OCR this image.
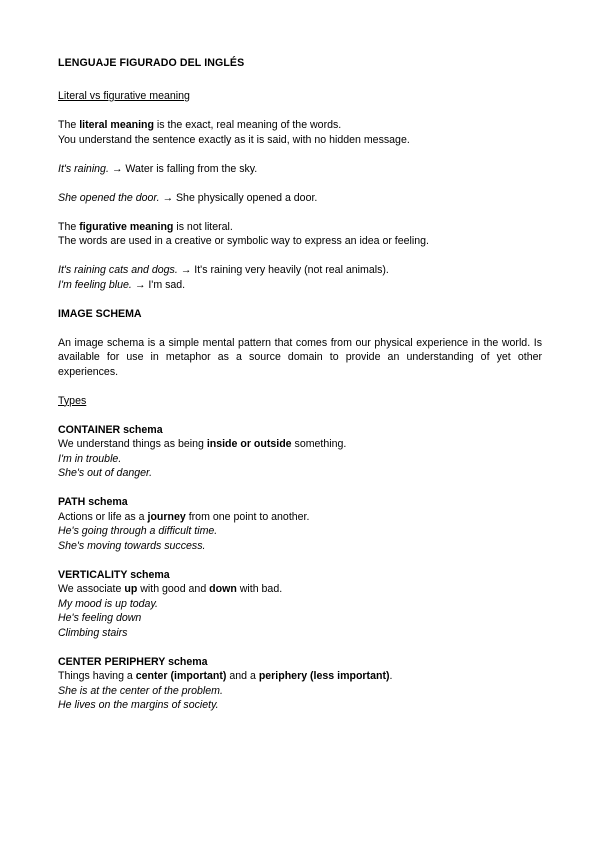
LENGUAJE FIGURADO DEL INGLÉS

Literal vs figurative meaning

The literal meaning is the exact, real meaning of the words.

You understand the sentence exactly as it is said, with no hidden message.

It's raining. → Water is falling from the sky.

She opened the door. → She physically opened a door.

The figurative meaning is not literal.

The words are used in a creative or symbolic way to express an idea or feeling.

It's raining cats and dogs. → It's raining very heavily (not real animals).

I'm feeling blue. → I'm sad.

IMAGE SCHEMA

An image schema is a simple mental pattern that comes from our physical experience in the world. Is available for use in metaphor as a source domain to provide an understanding of yet other experiences.

Types

CONTAINER schema

We understand things as being inside or outside something.

I'm in trouble.

She's out of danger.

PATH schema

Actions or life as a journey from one point to another.

He's going through a difficult time.

She's moving towards success.

VERTICALITY schema

We associate up with good and down with bad.

My mood is up today.

He's feeling down

Climbing stairs

CENTER PERIPHERY schema

Things having a center (important) and a periphery (less important).

She is at the center of the problem.

He lives on the margins of society.
